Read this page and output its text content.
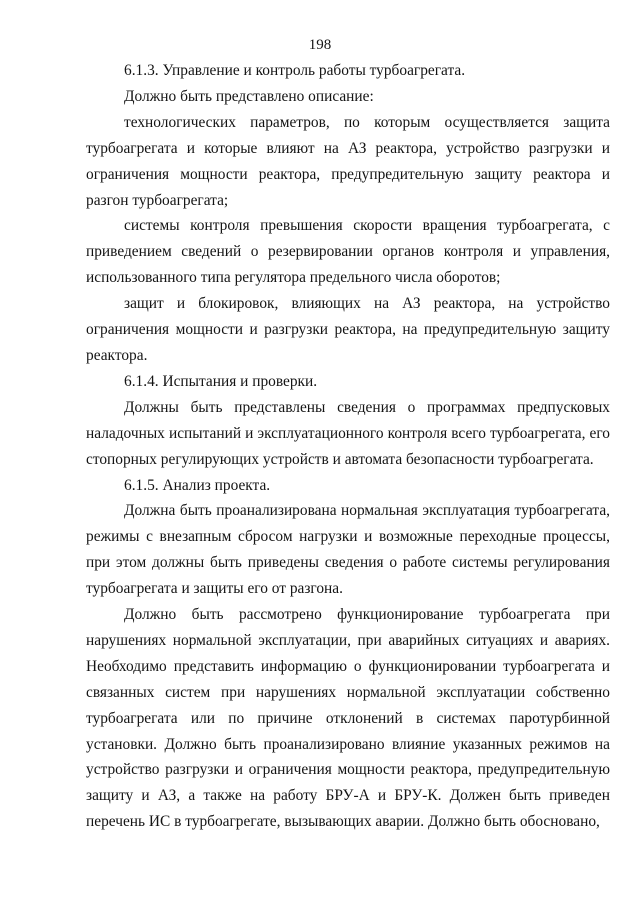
198

6.1.3. Управление и контроль работы турбоагрегата.

Должно быть представлено описание:

технологических параметров, по которым осуществляется защита турбоагрегата и которые влияют на АЗ реактора, устройство разгрузки и ограничения мощности реактора, предупредительную защиту реактора и разгон турбоагрегата;

системы контроля превышения скорости вращения турбоагрегата, с приведением сведений о резервировании органов контроля и управления, использованного типа регулятора предельного числа оборотов;

защит и блокировок, влияющих на АЗ реактора, на устройство ограничения мощности и разгрузки реактора, на предупредительную защиту реактора.

6.1.4. Испытания и проверки.

Должны быть представлены сведения о программах предпусковых наладочных испытаний и эксплуатационного контроля всего турбоагрегата, его стопорных регулирующих устройств и автомата безопасности турбоагрегата.

6.1.5. Анализ проекта.

Должна быть проанализирована нормальная эксплуатация турбоагрегата, режимы с внезапным сбросом нагрузки и возможные переходные процессы, при этом должны быть приведены сведения о работе системы регулирования турбоагрегата и защиты его от разгона.

Должно быть рассмотрено функционирование турбоагрегата при нарушениях нормальной эксплуатации, при аварийных ситуациях и авариях. Необходимо представить информацию о функционировании турбоагрегата и связанных систем при нарушениях нормальной эксплуатации собственно турбоагрегата или по причине отклонений в системах паротурбинной установки. Должно быть проанализировано влияние указанных режимов на устройство разгрузки и ограничения мощности реактора, предупредительную защиту и АЗ, а также на работу БРУ-А и БРУ-К. Должен быть приведен перечень ИС в турбоагрегате, вызывающих аварии. Должно быть обосновано,
